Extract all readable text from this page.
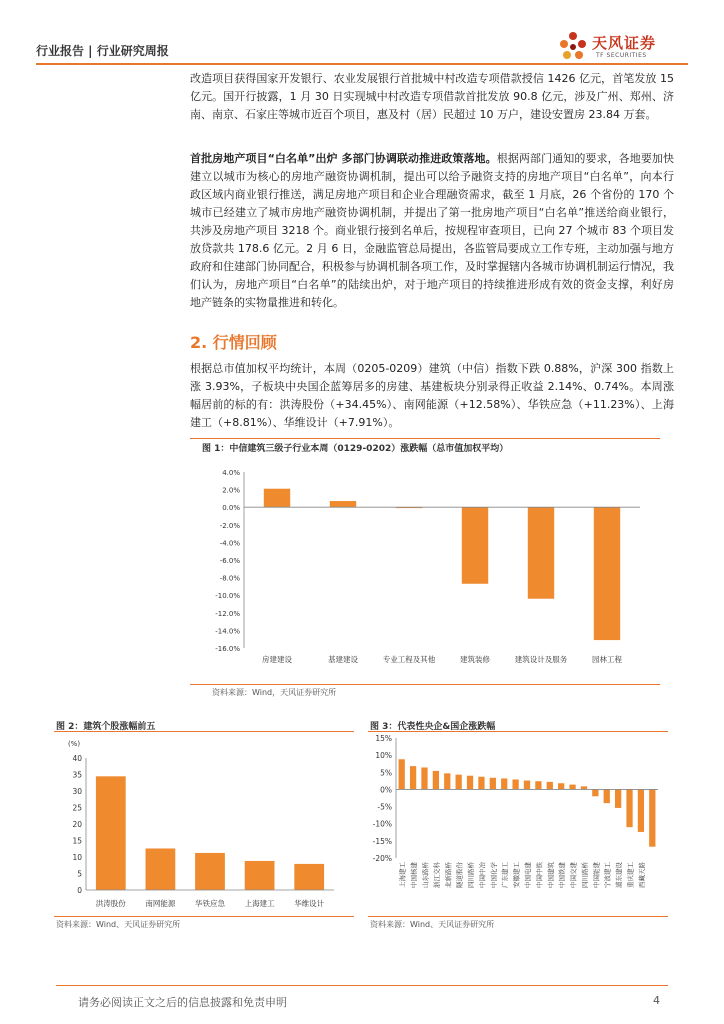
行业报告 | 行业研究周报	天风证券
TF SECURITIES

改造项目获得国家开发银行、农业发展银行首批城中村改造专项借款授信 1426 亿元，首笔发放 15 亿元。国开行披露，1 月 30 日实现城中村改造专项借款首批发放 90.8 亿元，涉及广州、郑州、济南、南京、石家庄等城市近百个项目，惠及村（居）民超过 10 万户，建设安置房 23.84 万套。

首批房地产项目“白名单”出炉 多部门协调联动推进政策落地。根据两部门通知的要求，各地要加快建立以城市为核心的房地产融资协调机制，提出可以给予融资支持的房地产项目“白名单”，向本行政区域内商业银行推送，满足房地产项目和企业合理融资需求，截至 1 月底，26 个省份的 170 个城市已经建立了城市房地产融资协调机制，并提出了第一批房地产项目“白名单”推送给商业银行，共涉及房地产项目 3218 个。商业银行接到名单后，按规程审查项目，已向 27 个城市 83 个项目发放贷款共 178.6 亿元。2 月 6 日，金融监管总局提出，各监管局要成立工作专班，主动加强与地方政府和住建部门协同配合，积极参与协调机制各项工作，及时掌握辖内各城市协调机制运行情况，我们认为，房地产项目“白名单”的陆续出炉，对于地产项目的持续推进形成有效的资金支撑，利好房地产链条的实物量推进和转化。

2. 行情回顾

根据总市值加权平均统计，本周（0205-0209）建筑（中信）指数下跌 0.88%，沪深 300 指数上涨 3.93%，子板块中央国企蓝筹居多的房建、基建板块分别录得正收益 2.14%、0.74%。本周涨幅居前的标的有：洪涛股份（+34.45%）、南网能源（+12.58%）、华铁应急（+11.23%）、上海建工（+8.81%）、华维设计（+7.91%）。

图 1：中信建筑三级子行业本周（0129-0202）涨跌幅（总市值加权平均）
4.0%
2.0%
0.0%
-2.0%
-4.0%
-6.0%
-8.0%
-10.0%
-12.0%
-14.0%
-16.0%
房建建设	基建建设	专业工程及其他	建筑装修	建筑设计及服务	园林工程
资料来源：Wind，天风证券研究所
图 2：建筑个股涨幅前五
(%)
40
35
30
25
20
15
10
5
0
洪涛股份	南网能源	华铁应急	上海建工	华维设计
资料来源：Wind、天风证券研究所
图 3：代表性央企&国企涨跌幅
15%
10%
5%
0%
-5%
-10%
-15%
-20%
上海建工 中国核建 山东路桥 浙江交科 北新路桥 隧道股份 四川路桥 中国中冶 中国化学 广东建工 安徽建工 中国电建 中国中铁 中国建筑 中国铁建 中国交建 四川路桥 中国能建 宁波建工 浦东建设 重庆建工 西藏天路
资料来源：Wind、天风证券研究所
请务必阅读正文之后的信息披露和免责申明	4
